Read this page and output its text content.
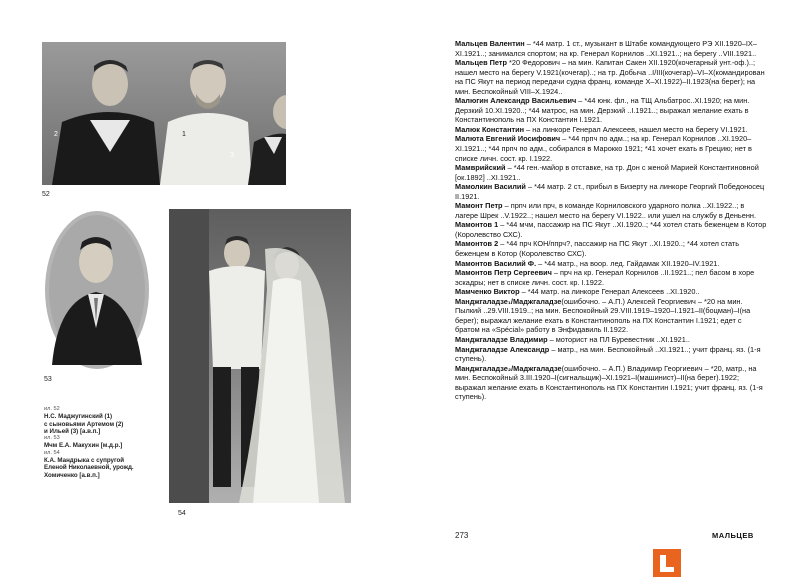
2	1
3
52
53
54
ил. 52
Н.С. Маджугинский (1)
с сыновьями Артемом (2)
и Ильей (3) [а.в.п.]
ил. 53
Мчм Е.А. Макухин [м.д.р.]
ил. 54
К.А. Мандрыка с супругой
Еленой Николаевной, урожд.
Хомиченко [а.в.п.]

Мальцев Валентин – *44 матр. 1 ст., музыкант в Штабе командующего РЭ XII.1920–IX–XI.1921..; занимался спортом; на кр. Генерал Корнилов ..XI.1921..; на берегу ..VIII.1921..

Мальцев Петр *20 Федорович – на мин. Капитан Сакен XII.1920(кочегарный унт.-оф.)..; нашел место на берегу V.1921(кочегар)..; на тр. Добыча ..I/III(кочегар)–VI–X(командирован на ПС Якут на период передачи судна франц. команде X–XI.1922)–II.1923(на берег); на мин. Беспокойный VIII–X.1924..

Малюгин Александр Васильевич – *44 юнк. фл., на ТЩ Альбатрос..XI.1920; на мин. Дерзкий 10.XI.1920..; *44 матрос, на мин. Дерзкий ..I.1921..; выражал желание ехать в Константинополь на ПХ Константин I.1921.

Малюк Константин – на линкоре Генерал Алексеев, нашел место на берегу VI.1921.

Малюта Евгений Иосифович – *44 прпч по адм..; на кр. Генерал Корнилов ..XI.1920–XI.1921..; *44 прпч по адм., собирался в Марокко 1921; *41 хочет ехать в Грецию; нет в списке личн. сост. кр. I.1922.

Мамврийский – *44 ген.-майор в отставке, на тр. Дон с женой Марией Константиновной [ок.1892] ..XI.1921..

Мамолкин Василий – *44 матр. 2 ст., прибыл в Бизерту на линкоре Георгий Победоносец II.1921.

Мамонт Петр – прпч или прч, в команде Корниловского ударного полка ..XI.1922..; в лагере Шрек ..V.1922..; нашел место на берегу VI.1922.. или ушел на службу в Деньенн.

Мамонтов 1 – *44 мчм, пассажир на ПС Якут ..XI.1920..; *44 хотел стать беженцем в Котор (Королевство СХС).

Мамонтов 2 – *44 прч КОН/ппрч?, пассажир на ПС Якут ..XI.1920..; *44 хотел стать беженцем в Котор (Королевство СХС).

Мамонтов Василий Ф. – *44 матр., на воор. лед. Гайдамак XII.1920–IV.1921.

Мамонтов Петр Сергеевич – прч на кр. Генерал Корнилов ..II.1921..; пел басом в хоре эскадры; нет в списке личн. сост. кр. I.1922.

Мамченко Виктор – *44 матр. на линкоре Генерал Алексеев ..XI.1920..

Манджгаладзе₁/Маджгаладзе(ошибочно. – А.П.) Алексей Георгиевич – *20 на мин. Пылкий ..29.VIII.1919..; на мин. Беспокойный 29.VIII.1919–1920–I.1921–II(боцман)–I(на берег); выражал желание ехать в Константинополь на ПХ Константин I.1921; едет с братом на «Spécial» работу в Энфидавиль II.1922.

Манджгаладзе Владимир – моторист на ПЛ Буревестник ..XI.1921..

Манджгаладзе Александр – матр., на мин. Беспокойный ..XI.1921..; учит франц. яз. (1-я ступень).

Манджгаладзе₂/Маджгаладзе(ошибочно. – А.П.) Владимир Георгиевич – *20, матр., на мин. Беспокойный 3.III.1920–I(сигнальщик)–XI.1921–I(машинист)–II(на берег).1922; выражал желание ехать в Константинополь на ПХ Константин I.1921; учит франц. яз. (1-я ступень).

273	МАЛЬЦЕВ
